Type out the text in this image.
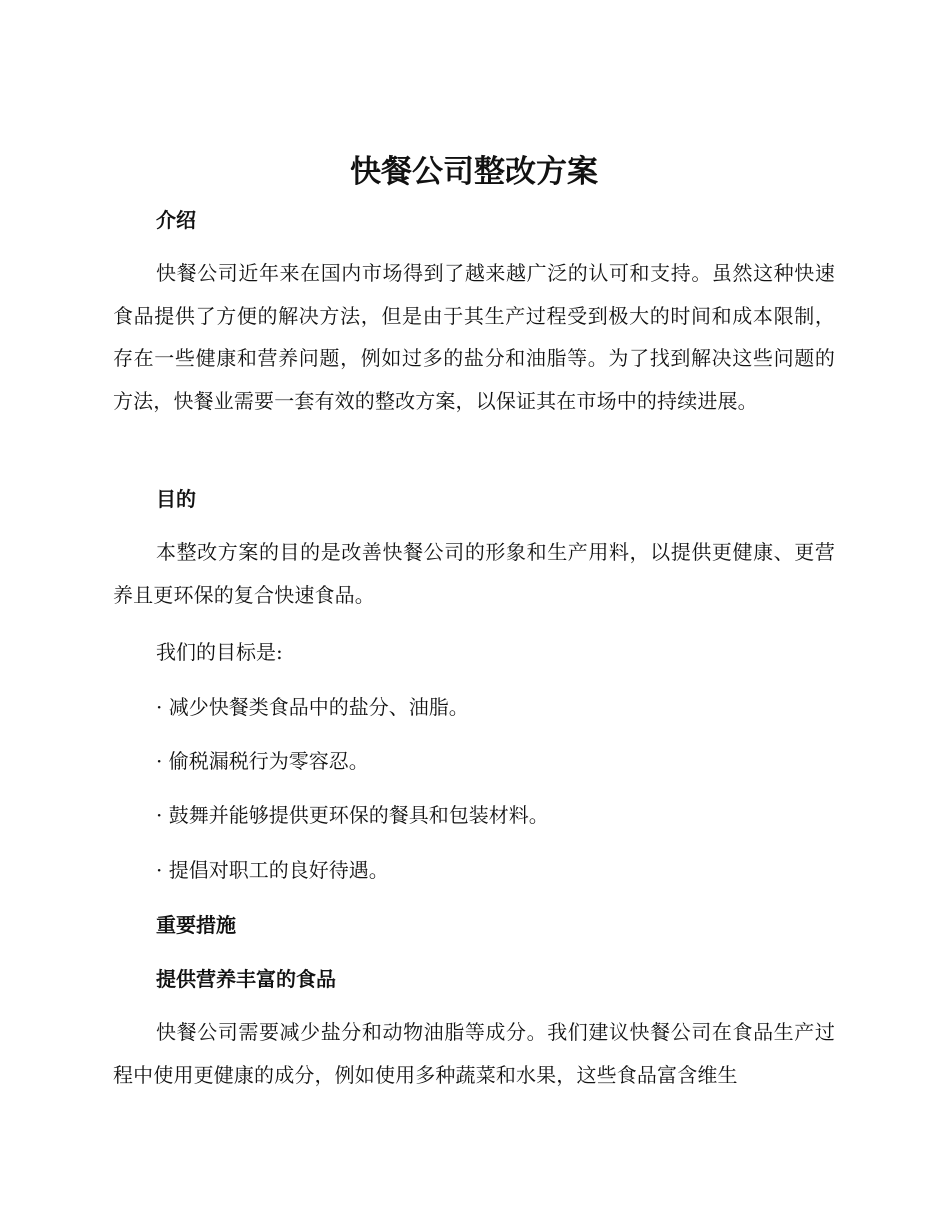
快餐公司整改方案
介绍

快餐公司近年来在国内市场得到了越来越广泛的认可和支持。虽然这种快速食品提供了方便的解决方法，但是由于其生产过程受到极大的时间和成本限制，存在一些健康和营养问题，例如过多的盐分和油脂等。为了找到解决这些问题的方法，快餐业需要一套有效的整改方案，以保证其在市场中的持续进展。

目的

本整改方案的目的是改善快餐公司的形象和生产用料，以提供更健康、更营养且更环保的复合快速食品。

我们的目标是:

· 减少快餐类食品中的盐分、油脂。

· 偷税漏税行为零容忍。

· 鼓舞并能够提供更环保的餐具和包装材料。

· 提倡对职工的良好待遇。

重要措施
提供营养丰富的食品

快餐公司需要减少盐分和动物油脂等成分。我们建议快餐公司在食品生产过程中使用更健康的成分，例如使用多种蔬菜和水果，这些食品富含维生
